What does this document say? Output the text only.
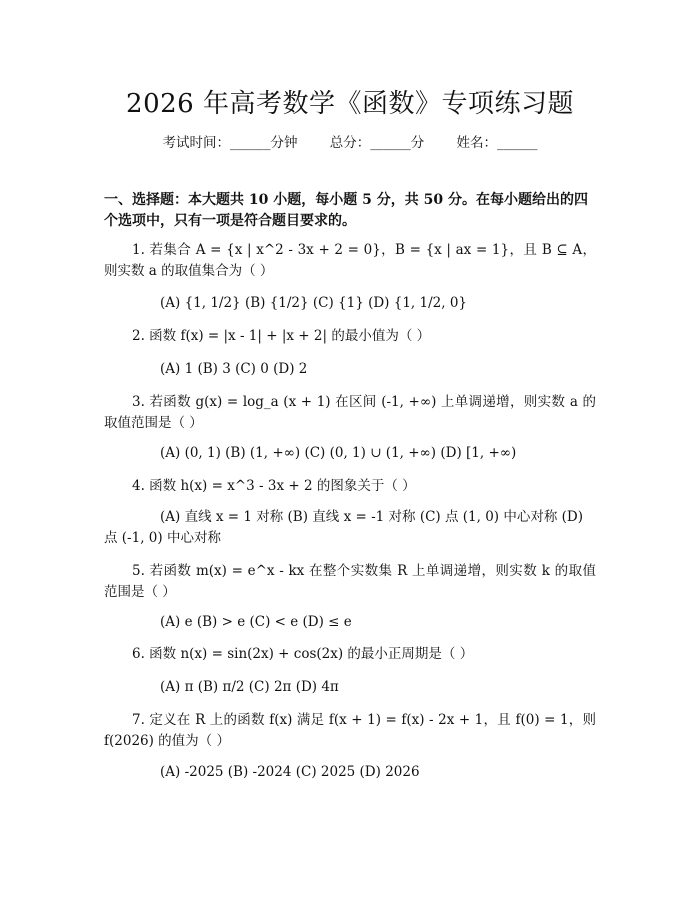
2026 年高考数学《函数》专项练习题
考试时间：______分钟 总分：______分 姓名：______
一、选择题：本大题共 10 小题，每小题 5 分，共 50 分。在每小题给出的四个选项中，只有一项是符合题目要求的。
1. 若集合 A = {x | x^2 - 3x + 2 = 0}，B = {x | ax = 1}，且 B ⊆ A，则实数 a 的取值集合为（ ）
(A) {1, 1/2} (B) {1/2} (C) {1} (D) {1, 1/2, 0}
2. 函数 f(x) = |x - 1| + |x + 2| 的最小值为（ ）
(A) 1 (B) 3 (C) 0 (D) 2
3. 若函数 g(x) = log_a (x + 1) 在区间 (-1, +∞) 上单调递增，则实数 a 的取值范围是（ ）
(A) (0, 1) (B) (1, +∞) (C) (0, 1) ∪ (1, +∞) (D) [1, +∞)
4. 函数 h(x) = x^3 - 3x + 2 的图象关于（ ）
(A) 直线 x = 1 对称 (B) 直线 x = -1 对称 (C) 点 (1, 0) 中心对称 (D) 点 (-1, 0) 中心对称
5. 若函数 m(x) = e^x - kx 在整个实数集 R 上单调递增，则实数 k 的取值范围是（ ）
(A) e (B) > e (C) < e (D) ≤ e
6. 函数 n(x) = sin(2x) + cos(2x) 的最小正周期是（ ）
(A) π (B) π/2 (C) 2π (D) 4π
7. 定义在 R 上的函数 f(x) 满足 f(x + 1) = f(x) - 2x + 1，且 f(0) = 1，则 f(2026) 的值为（ ）
(A) -2025 (B) -2024 (C) 2025 (D) 2026
